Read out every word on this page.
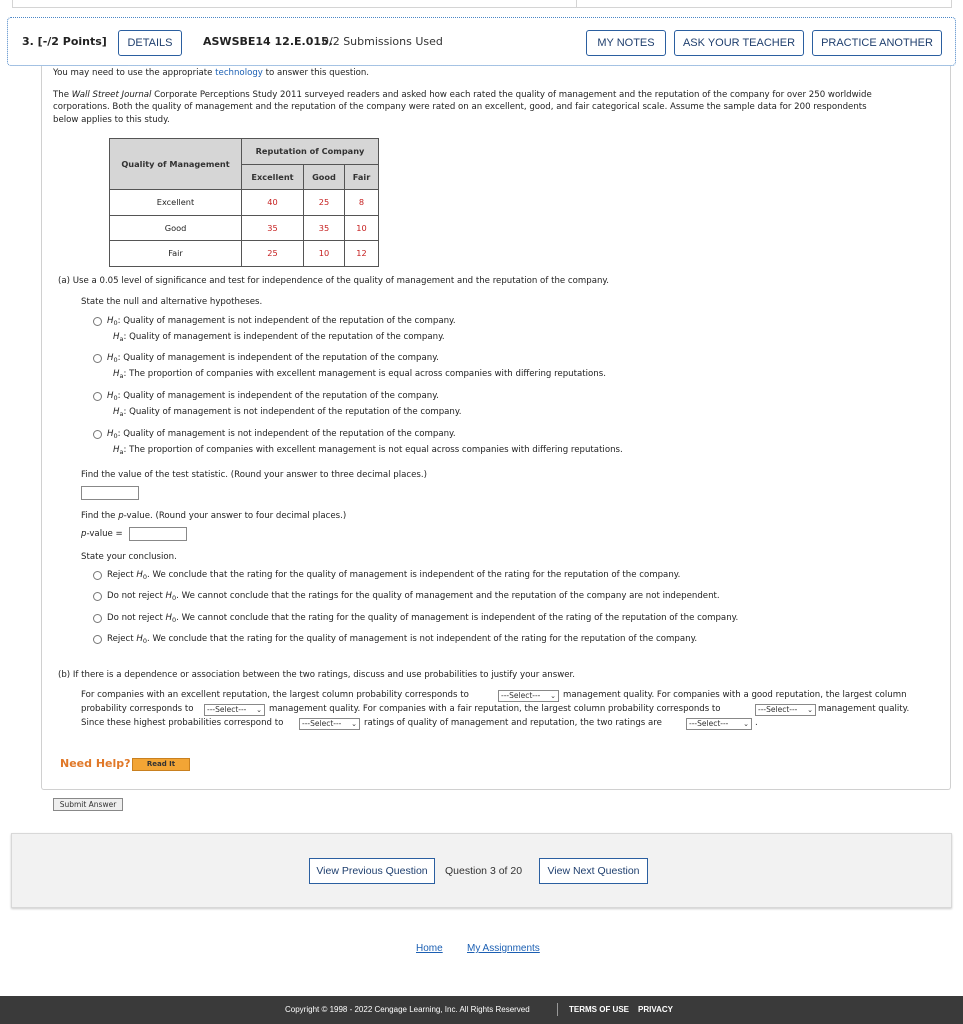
3. [-/2 Points]	DETAILS	ASWSBE14 12.E.015.
0/2 Submissions Used	MY NOTES	ASK YOUR TEACHER	PRACTICE ANOTHER
You may need to use the appropriate technology to answer this question.
The Wall Street Journal Corporate Perceptions Study 2011 surveyed readers and asked how each rated the quality of management and the reputation of the company for over 250 worldwide
corporations. Both the quality of management and the reputation of the company were rated on an excellent, good, and fair categorical scale. Assume the sample data for 200 respondents
below applies to this study.
Quality of Management	Reputation of Company		
	Excellent	Good	Fair
Excellent	40	25	8
Good	35	35	10
Fair	25	10	12
(a) Use a 0.05 level of significance and test for independence of the quality of management and the reputation of the company.
State the null and alternative hypotheses.
$H_0$: Quality of management is not independent of the reputation of the company.
$H_a$: Quality of management is independent of the reputation of the company.
$H_0$: Quality of management is independent of the reputation of the company.
$H_a$: The proportion of companies with excellent management is equal across companies with differing reputations.
$H_0$: Quality of management is independent of the reputation of the company.
$H_a$: Quality of management is not independent of the reputation of the company.
$H_0$: Quality of management is not independent of the reputation of the company.
$H_a$: The proportion of companies with excellent management is not equal across companies with differing reputations.
Find the value of the test statistic. (Round your answer to three decimal places.)
Find the p-value. (Round your answer to four decimal places.)
p-value =
State your conclusion.
Reject $H_0$. We conclude that the rating for the quality of management is independent of the rating for the reputation of the company.
Do not reject $H_0$. We cannot conclude that the ratings for the quality of management and the reputation of the company are not independent.
Do not reject $H_0$. We cannot conclude that the rating for the quality of management is independent of the rating of the reputation of the company.
Reject $H_0$. We conclude that the rating for the quality of management is not independent of the rating for the reputation of the company.
(b) If there is a dependence or association between the two ratings, discuss and use probabilities to justify your answer.
For companies with an excellent reputation, the largest column probability corresponds to	---Select--- ⌄ management quality. For companies with a good reputation, the largest column
probability corresponds to	---Select--- ⌄ management quality. For companies with a fair reputation, the largest column probability corresponds to	---Select--- ⌄ management quality.
Since these highest probabilities correspond to	---Select--- ⌄ ratings of quality of management and reputation, the two ratings are	---Select--- ⌄ .
Need Help?	Read It
Submit Answer
View Previous Question	Question 3 of 20	View Next Question
Home My Assignments
Copyright © 1998 - 2022 Cengage Learning, Inc. All Rights Reserved	TERMS OF USE PRIVACY
